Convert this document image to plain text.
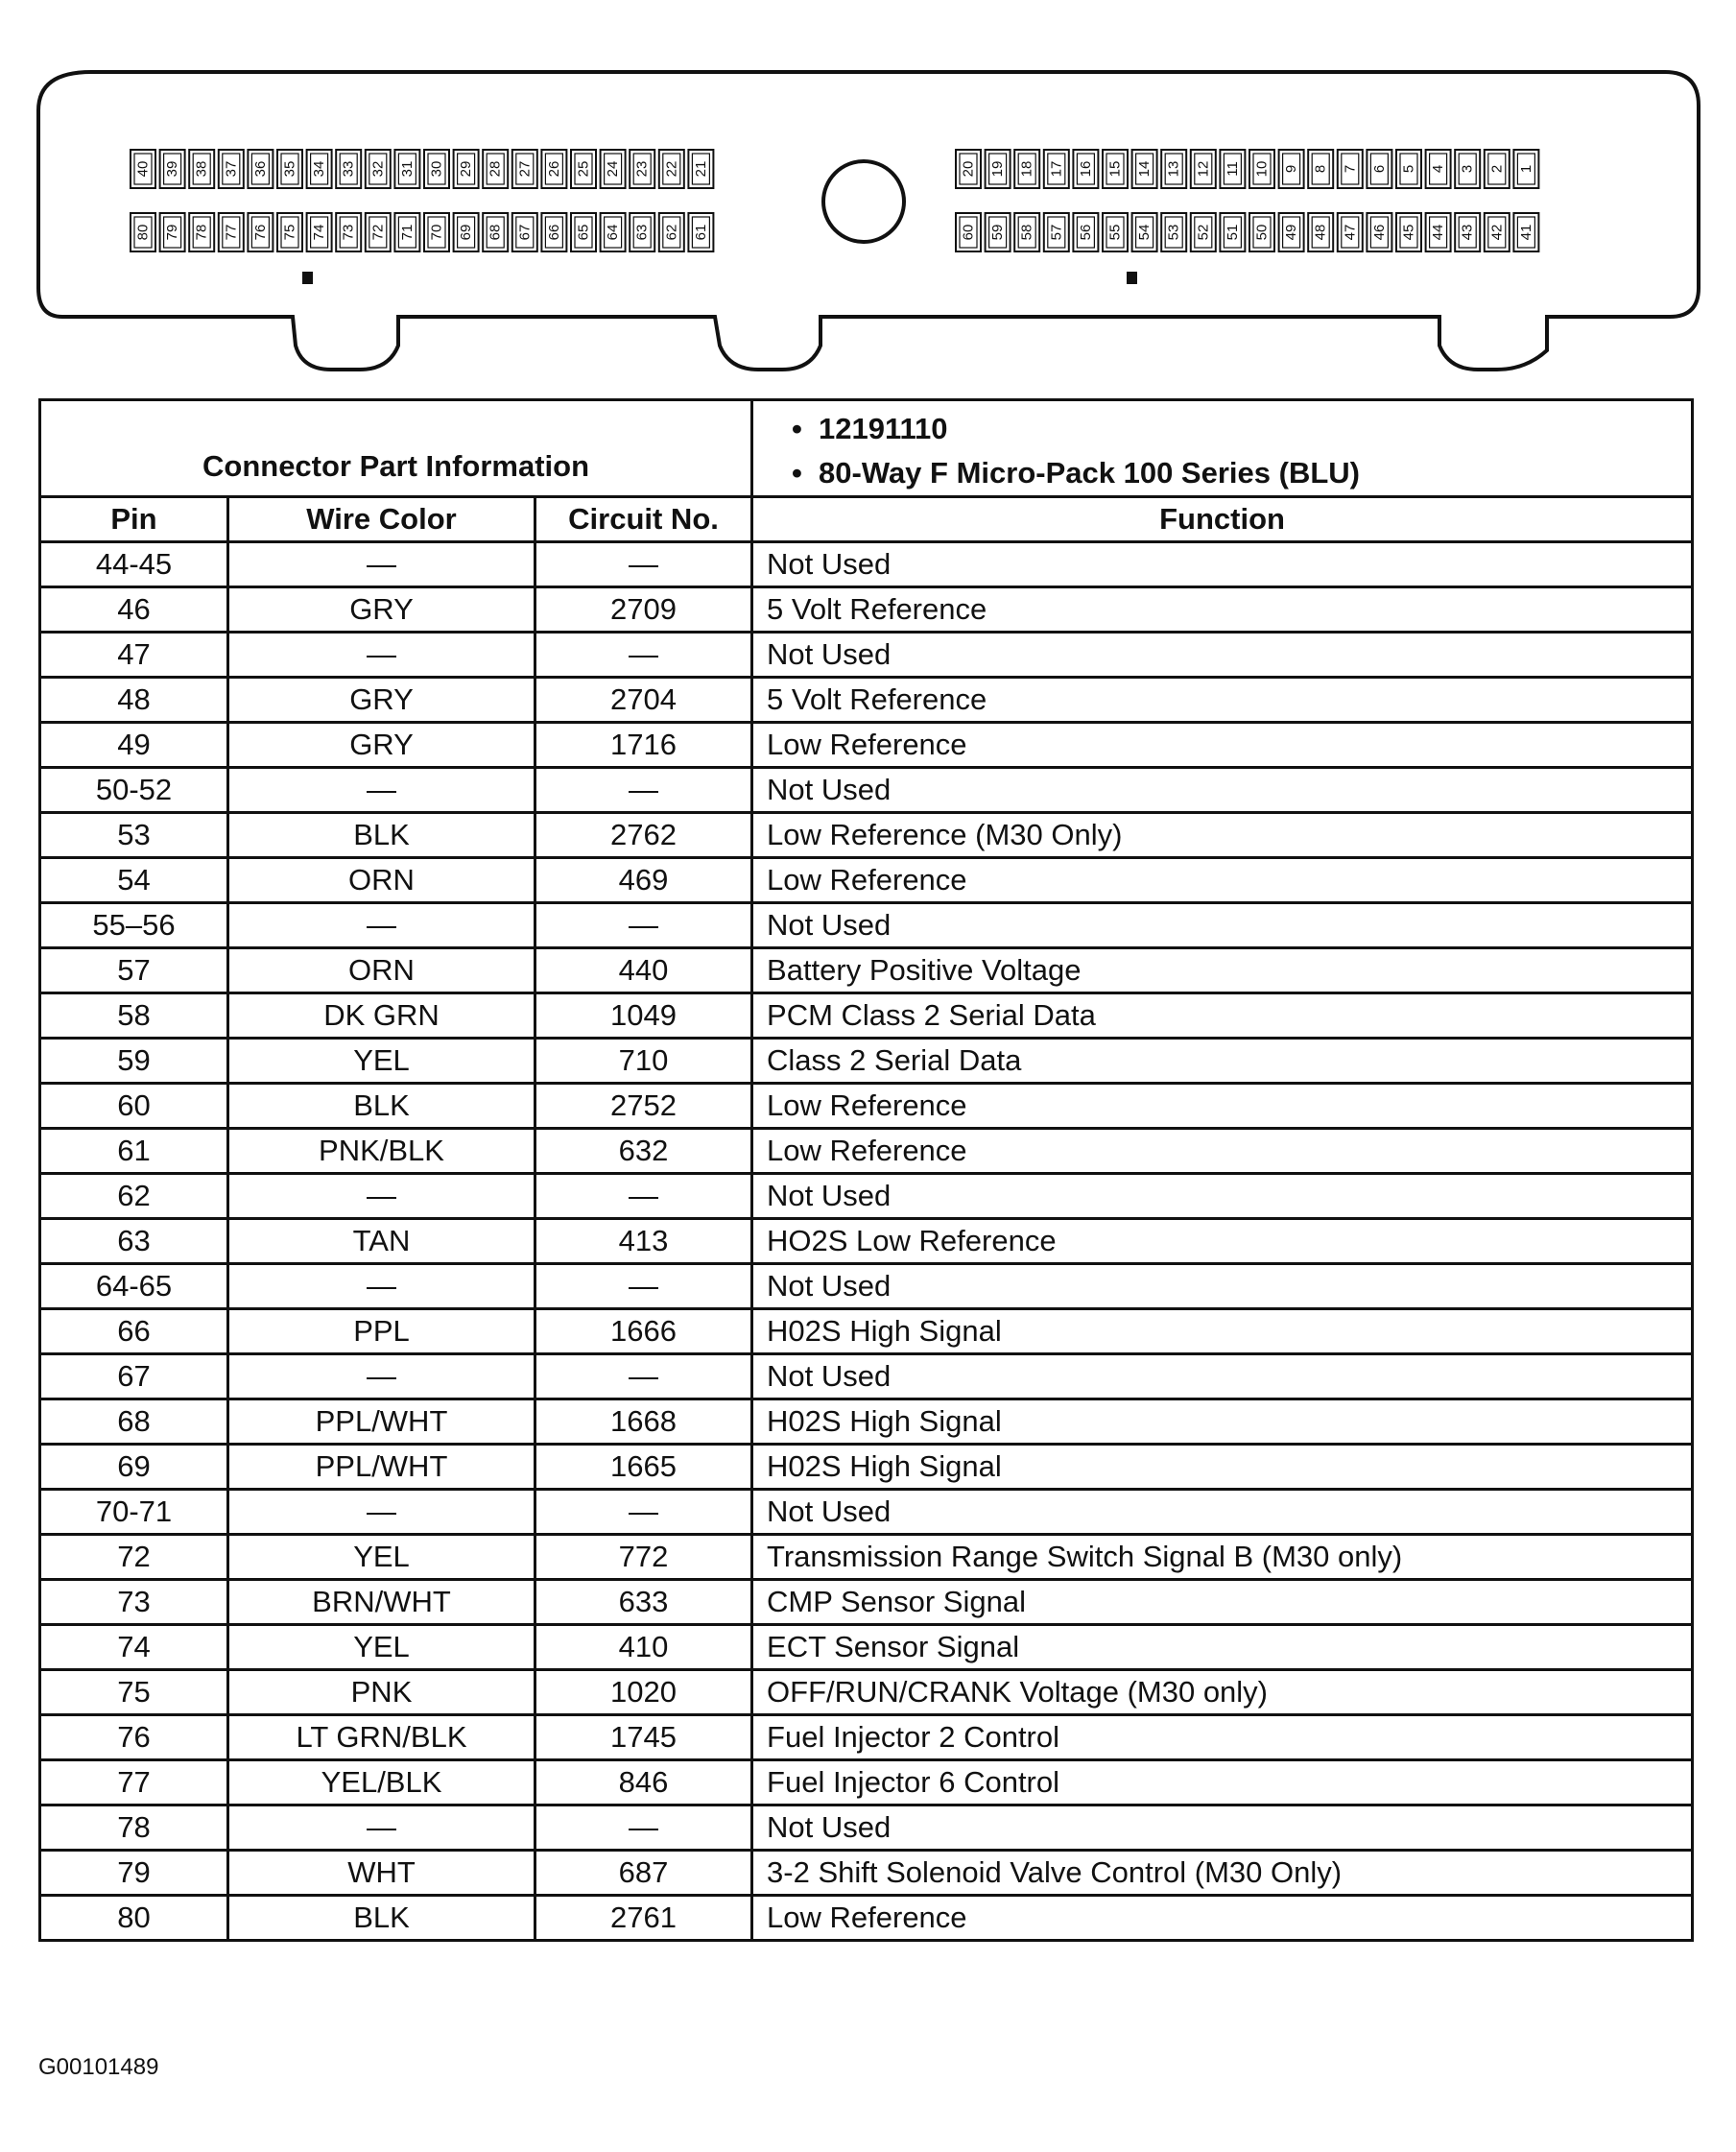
40 39 38 37 36 35 34 33 32 31 30 29 28 27 26 25 24 23 22 21
80 79 78 77 76 75 74 73 72 71 70 69 68 67 66 65 64 63 62 61
20 19 18 17 16 15 14 13 12 11 10 9 8 7 6 5 4 3 2 1
60 59 58 57 56 55 54 53 52 51 50 49 48 47 46 45 44 43 42 41
Connector Part Information			• 12191110
• 80-Way F Micro-Pack 100 Series (BLU)

Pin	Wire Color	Circuit No.	Function
44-45	—	—	Not Used
46	GRY	2709	5 Volt Reference
47	—	—	Not Used
48	GRY	2704	5 Volt Reference
49	GRY	1716	Low Reference
50-52	—	—	Not Used
53	BLK	2762	Low Reference (M30 Only)
54	ORN	469	Low Reference
55–56	—	—	Not Used
57	ORN	440	Battery Positive Voltage
58	DK GRN	1049	PCM Class 2 Serial Data
59	YEL	710	Class 2 Serial Data
60	BLK	2752	Low Reference
61	PNK/BLK	632	Low Reference
62	—	—	Not Used
63	TAN	413	HO2S Low Reference
64-65	—	—	Not Used
66	PPL	1666	H02S High Signal
67	—	—	Not Used
68	PPL/WHT	1668	H02S High Signal
69	PPL/WHT	1665	H02S High Signal
70-71	—	—	Not Used
72	YEL	772	Transmission Range Switch Signal B (M30 only)
73	BRN/WHT	633	CMP Sensor Signal
74	YEL	410	ECT Sensor Signal
75	PNK	1020	OFF/RUN/CRANK Voltage (M30 only)
76	LT GRN/BLK	1745	Fuel Injector 2 Control
77	YEL/BLK	846	Fuel Injector 6 Control
78	—	—	Not Used
79	WHT	687	3-2 Shift Solenoid Valve Control (M30 Only)
80	BLK	2761	Low Reference
G00101489
